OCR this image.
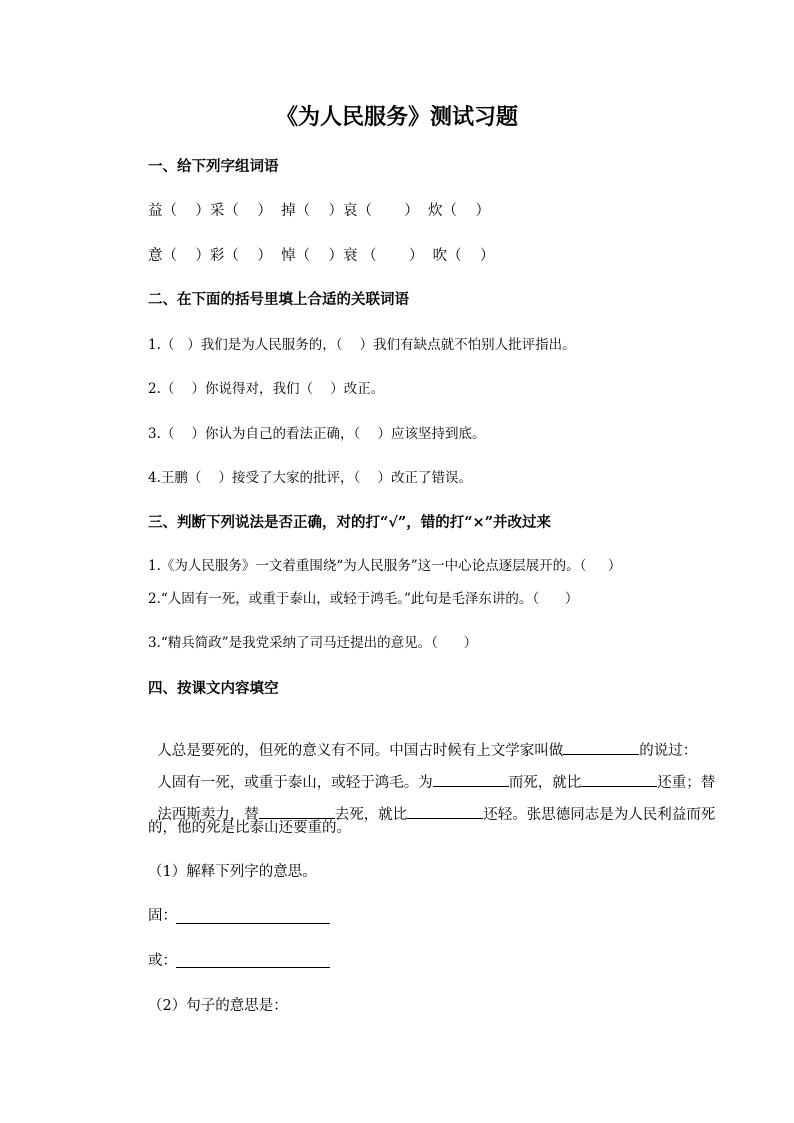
《为人民服务》测试习题
一、给下列字组词语
益（    ）采（    ）  掉（    ）哀（       ）  炊（    ）
意（    ）彩（    ）  悼（    ）衰 （       ）  吹（    ）
二、在下面的括号里填上合适的关联词语
1.（   ）我们是为人民服务的，（    ）我们有缺点就不怕别人批评指出。
2.（    ）你说得对，我们（    ）改正。
3.（    ）你认为自己的看法正确，（    ）应该坚持到底。
4.王鹏（    ）接受了大家的批评，（    ）改正了错误。
三、判断下列说法是否正确，对的打“√”，错的打“×”并改过来
1.《为人民服务》一文着重围绕“为人民服务”这一中心论点逐层展开的。（     ）
2.“人固有一死，或重于泰山，或轻于鸿毛。”此句是毛泽东讲的。（      ）
3.“精兵简政”是我党采纳了司马迁提出的意见。（      ）
四、按课文内容填空

人总是要死的，但死的意义有不同。中国古时候有上文学家叫做	的说过：

人固有一死，或重于泰山，或轻于鸿毛。为	而死，就比	还重；替

法西斯卖力，替	去死，就比	还轻。张思德同志是为人民利益而死

的，他的死是比泰山还要重的。
（1）解释下列字的意思。
固：
或：
（2）句子的意思是：
